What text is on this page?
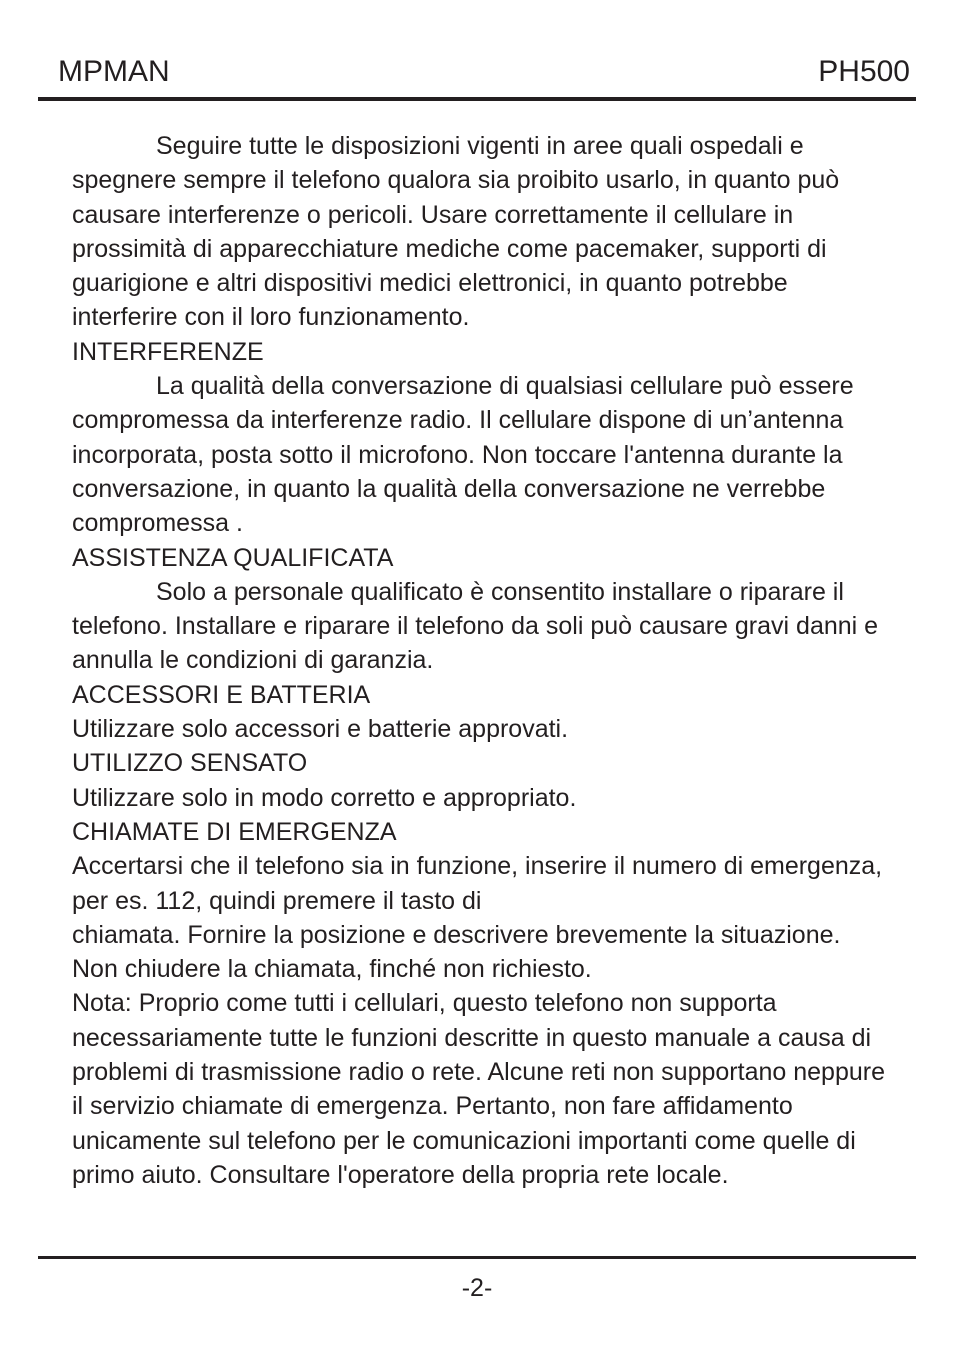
MPMAN	PH500

Seguire tutte le disposizioni vigenti in aree quali ospedali e spegnere sempre il telefono qualora sia proibito usarlo, in quanto può causare interferenze o pericoli. Usare correttamente il cellulare in prossimità di apparecchiature mediche come pacemaker, supporti di guarigione e altri dispositivi medici elettronici, in quanto potrebbe interferire con il loro funzionamento.

INTERFERENZE

La qualità della conversazione di qualsiasi cellulare può essere compromessa da interferenze radio. Il cellulare dispone di un’antenna incorporata, posta sotto il microfono. Non toccare l'antenna durante la conversazione, in quanto la qualità della conversazione ne verrebbe compromessa .

ASSISTENZA QUALIFICATA

Solo a personale qualificato è consentito installare o riparare il telefono. Installare e riparare il telefono da soli può causare gravi danni e annulla le condizioni di garanzia.

ACCESSORI E BATTERIA

Utilizzare solo accessori e batterie approvati.

UTILIZZO SENSATO

Utilizzare solo in modo corretto e appropriato.

CHIAMATE DI EMERGENZA

Accertarsi che il telefono sia in funzione, inserire il numero di emergenza, per es. 112, quindi premere il tasto di

chiamata. Fornire la posizione e descrivere brevemente la situazione. Non chiudere la chiamata, finché non richiesto.

Nota: Proprio come tutti i cellulari, questo telefono non supporta necessariamente tutte le funzioni descritte in questo manuale a causa di problemi di trasmissione radio o rete. Alcune reti non supportano neppure il servizio chiamate di emergenza. Pertanto, non fare affidamento unicamente sul telefono per le comunicazioni importanti come quelle di primo aiuto. Consultare l'operatore della propria rete locale.

-2-
